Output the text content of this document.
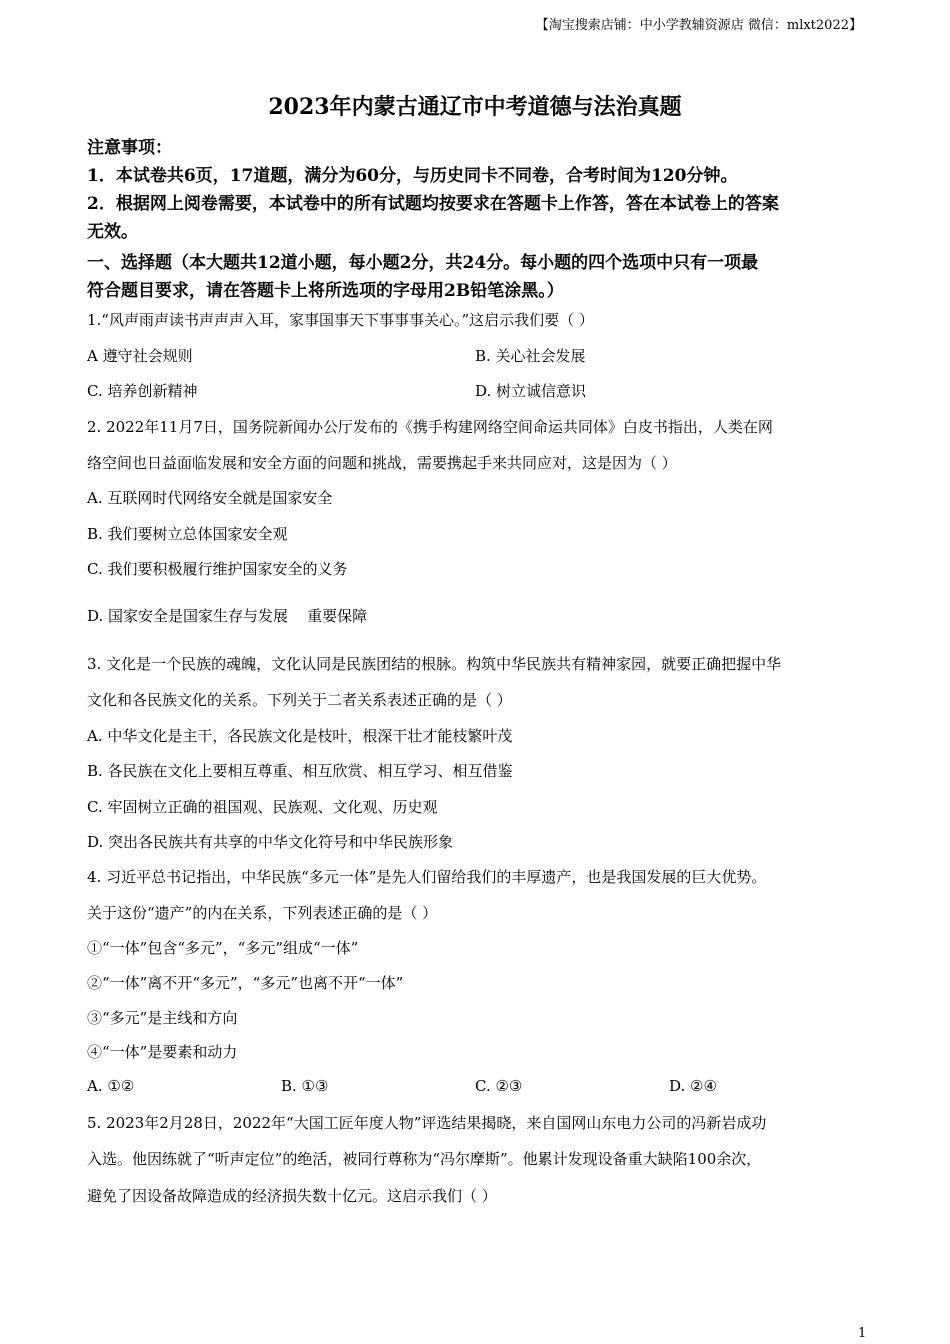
【淘宝搜索店铺：中小学教辅资源店 微信：mlxt2022】
2023年内蒙古通辽市中考道德与法治真题
注意事项：
1．本试卷共6页，17道题，满分为60分，与历史同卡不同卷，合考时间为120分钟。
2．根据网上阅卷需要，本试卷中的所有试题均按要求在答题卡上作答，答在本试卷上的答案
无效。
一、选择题（本大题共12道小题，每小题2分，共24分。每小题的四个选项中只有一项最
符合题目要求，请在答题卡上将所选项的字母用2B铅笔涂黑。）
1.“风声雨声读书声声声入耳，家事国事天下事事事关心。”这启示我们要（ ）
A 遵守社会规则	B. 关心社会发展
C. 培养创新精神	D. 树立诚信意识
2. 2022年11月7日，国务院新闻办公厅发布的《携手构建网络空间命运共同体》白皮书指出，人类在网
络空间也日益面临发展和安全方面的问题和挑战，需要携起手来共同应对，这是因为（ ）
A. 互联网时代网络安全就是国家安全
B. 我们要树立总体国家安全观
C. 我们要积极履行维护国家安全的义务
D. 国家安全是国家生存与发展    重要保障
3. 文化是一个民族的魂魄，文化认同是民族团结的根脉。构筑中华民族共有精神家园，就要正确把握中华
文化和各民族文化的关系。下列关于二者关系表述正确的是（ ）
A. 中华文化是主干，各民族文化是枝叶，根深干壮才能枝繁叶茂
B. 各民族在文化上要相互尊重、相互欣赏、相互学习、相互借鉴
C. 牢固树立正确的祖国观、民族观、文化观、历史观
D. 突出各民族共有共享的中华文化符号和中华民族形象
4. 习近平总书记指出，中华民族“多元一体”是先人们留给我们的丰厚遗产，也是我国发展的巨大优势。
关于这份“遗产”的内在关系，下列表述正确的是（ ）
①“一体”包含“多元”，“多元”组成“一体”
②“一体”离不开“多元”，“多元”也离不开“一体”
③“多元”是主线和方向
④“一体”是要素和动力
A. ①②	B. ①③	C. ②③	D. ②④
5. 2023年2月28日，2022年“大国工匠年度人物”评选结果揭晓，来自国网山东电力公司的冯新岩成功
入选。他因练就了“听声定位”的绝活，被同行尊称为“冯尔摩斯”。他累计发现设备重大缺陷100余次，
避免了因设备故障造成的经济损失数十亿元。这启示我们（ ）
1
